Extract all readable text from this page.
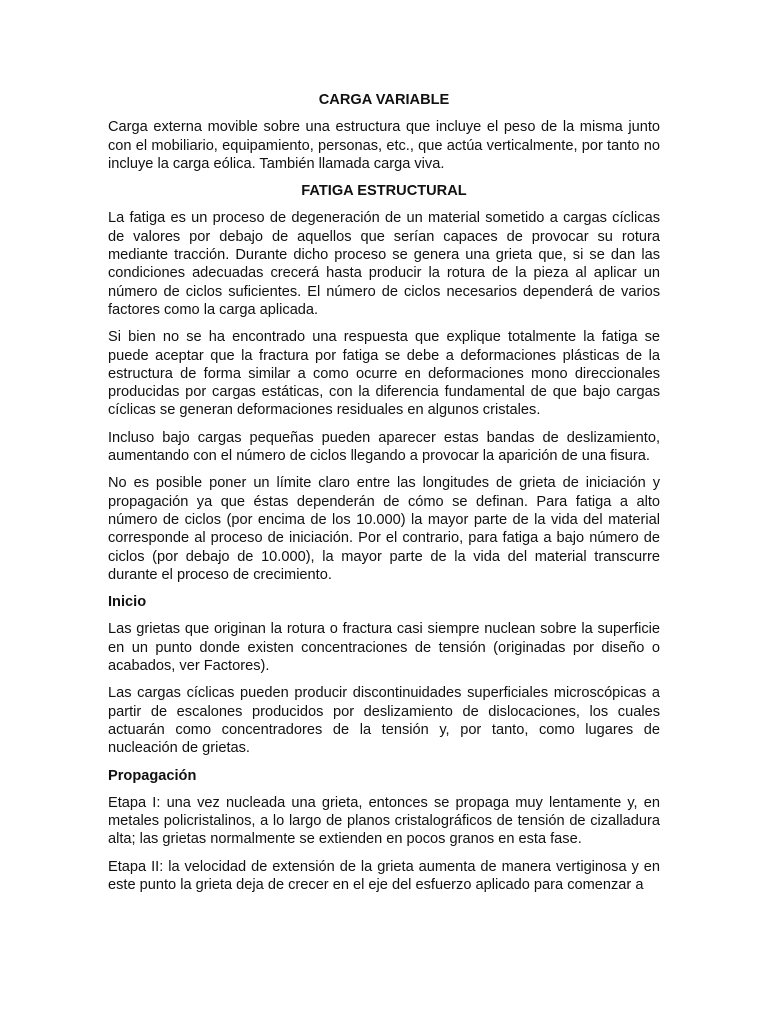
CARGA VARIABLE

Carga externa movible sobre una estructura que incluye el peso de la misma junto con el mobiliario, equipamiento, personas, etc., que actúa verticalmente, por tanto no incluye la carga eólica. También llamada carga viva.

FATIGA ESTRUCTURAL

La fatiga es un proceso de degeneración de un material sometido a cargas cíclicas de valores por debajo de aquellos que serían capaces de provocar su rotura mediante tracción. Durante dicho proceso se genera una grieta que, si se dan las condiciones adecuadas crecerá hasta producir la rotura de la pieza al aplicar un número de ciclos suficientes. El número de ciclos necesarios dependerá de varios factores como la carga aplicada.

Si bien no se ha encontrado una respuesta que explique totalmente la fatiga se puede aceptar que la fractura por fatiga se debe a deformaciones plásticas de la estructura de forma similar a como ocurre en deformaciones mono direccionales producidas por cargas estáticas, con la diferencia fundamental de que bajo cargas cíclicas se generan deformaciones residuales en algunos cristales.

Incluso bajo cargas pequeñas pueden aparecer estas bandas de deslizamiento, aumentando con el número de ciclos llegando a provocar la aparición de una fisura.

No es posible poner un límite claro entre las longitudes de grieta de iniciación y propagación ya que éstas dependerán de cómo se definan. Para fatiga a alto número de ciclos (por encima de los 10.000) la mayor parte de la vida del material corresponde al proceso de iniciación. Por el contrario, para fatiga a bajo número de ciclos (por debajo de 10.000), la mayor parte de la vida del material transcurre durante el proceso de crecimiento.

Inicio

Las grietas que originan la rotura o fractura casi siempre nuclean sobre la superficie en un punto donde existen concentraciones de tensión (originadas por diseño o acabados, ver Factores).

Las cargas cíclicas pueden producir discontinuidades superficiales microscópicas a partir de escalones producidos por deslizamiento de dislocaciones, los cuales actuarán como concentradores de la tensión y, por tanto, como lugares de nucleación de grietas.

Propagación

Etapa I: una vez nucleada una grieta, entonces se propaga muy lentamente y, en metales policristalinos, a lo largo de planos cristalográficos de tensión de cizalladura alta; las grietas normalmente se extienden en pocos granos en esta fase.

Etapa II: la velocidad de extensión de la grieta aumenta de manera vertiginosa y en este punto la grieta deja de crecer en el eje del esfuerzo aplicado para comenzar a
